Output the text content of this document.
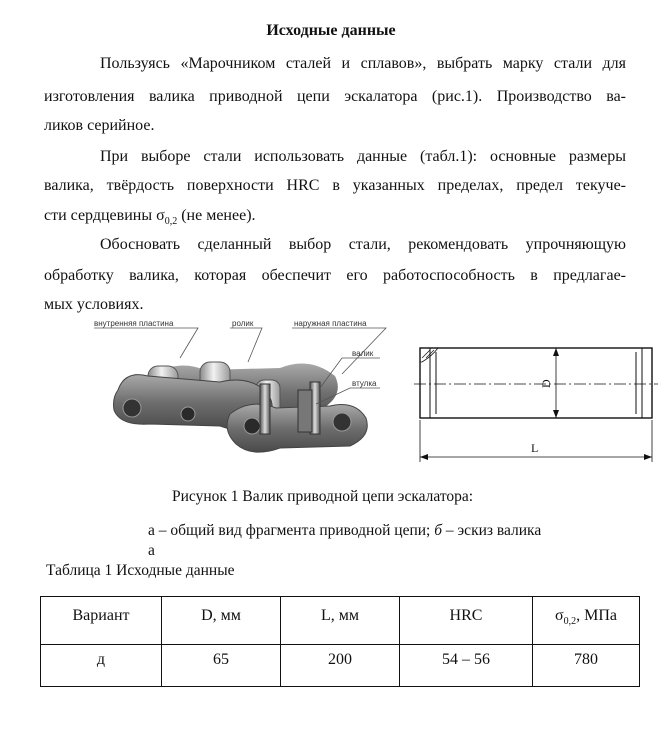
Исходные данные
Пользуясь «Марочником сталей и сплавов», выбрать марку стали для
изготовления валика приводной цепи эскалатора (рис.1). Производство ва-
ликов серийное.
При выборе стали использовать данные (табл.1): основные размеры
валика, твёрдость поверхности HRC в указанных пределах, предел текуче-
сти сердцевины $\sigma_{0,2}$ (не менее).
Обосновать сделанный выбор стали, рекомендовать упрочняющую
обработку валика, которая обеспечит его работоспособность в предлагае-
мых условиях.
внутренняя пластина	ролик	наружная пластина
валик
втулка	D
L
Рисунок 1 Валик приводной цепи эскалатора:
а – общий вид фрагмента приводной цепи; б – эскиз валика
а
Таблица 1 Исходные данные
Вариант	D, мм	L, мм	HRC	$\sigma_{0,2}$, МПа
д	65	200	54 – 56	780
